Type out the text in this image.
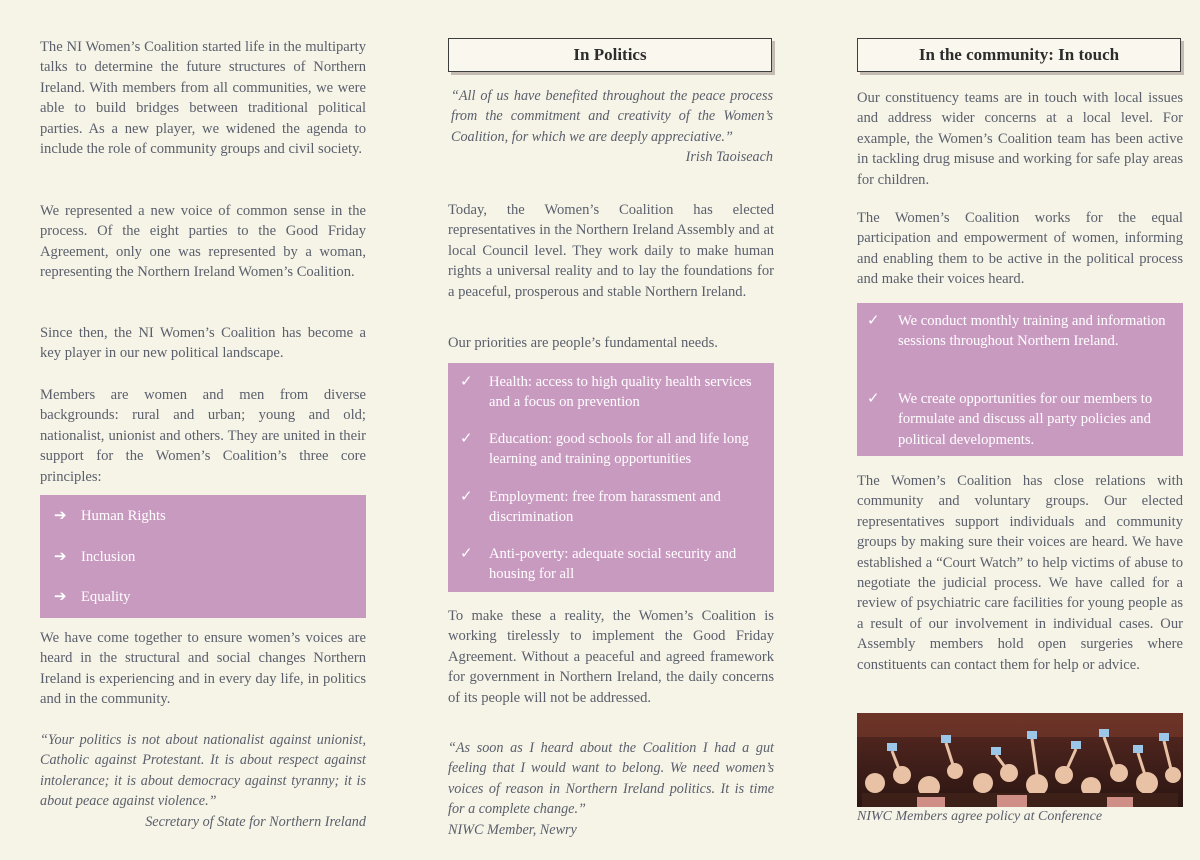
The NI Women’s Coalition started life in the multiparty talks to determine the future structures of Northern Ireland. With members from all communities, we were able to build bridges between traditional political parties. As a new player, we widened the agenda to include the role of community groups and civil society.

We represented a new voice of common sense in the process. Of the eight parties to the Good Friday Agreement, only one was represented by a woman, representing the Northern Ireland Women’s Coalition.

Since then, the NI Women’s Coalition has become a key player in our new political landscape.

Members are women and men from diverse backgrounds: rural and urban; young and old; nationalist, unionist and others. They are united in their support for the Women’s Coalition’s three core principles:

➔ Human Rights
➔ Inclusion
➔ Equality

We have come together to ensure women’s voices are heard in the structural and social changes Northern Ireland is experiencing and in every day life, in politics and in the community.

“Your politics is not about nationalist against unionist, Catholic against Protestant. It is about respect against intolerance; it is about democracy against tyranny; it is about peace against violence.”
Secretary of State for Northern Ireland
In Politics
“All of us have benefited throughout the peace process from the commitment and creativity of the Women’s Coalition, for which we are deeply appreciative.”
Irish Taoiseach

Today, the Women’s Coalition has elected representatives in the Northern Ireland Assembly and at local Council level. They work daily to make human rights a universal reality and to lay the foundations for a peaceful, prosperous and stable Northern Ireland.

Our priorities are people’s fundamental needs.

✓ Health: access to high quality health services and a focus on prevention
✓ Education: good schools for all and life long learning and training opportunities
✓ Employment: free from harassment and discrimination
✓ Anti-poverty: adequate social security and housing for all

To make these a reality, the Women’s Coalition is working tirelessly to implement the Good Friday Agreement. Without a peaceful and agreed framework for government in Northern Ireland, the daily concerns of its people will not be addressed.

“As soon as I heard about the Coalition I had a gut feeling that I would want to belong. We need women’s voices of reason in Northern Ireland politics. It is time for a complete change.”
NIWC Member, Newry
In the community: In touch

Our constituency teams are in touch with local issues and address wider concerns at a local level. For example, the Women’s Coalition team has been active in tackling drug misuse and working for safe play areas for children.

The Women’s Coalition works for the equal participation and empowerment of women, informing and enabling them to be active in the political process and make their voices heard.

✓ We conduct monthly training and information sessions throughout Northern Ireland.
✓ We create opportunities for our members to formulate and discuss all party policies and political developments.

The Women’s Coalition has close relations with community and voluntary groups. Our elected representatives support individuals and community groups by making sure their voices are heard. We have established a “Court Watch” to help victims of abuse to negotiate the judicial process. We have called for a review of psychiatric care facilities for young people as a result of our involvement in individual cases. Our Assembly members hold open surgeries where constituents can contact them for help or advice.

NIWC Members agree policy at Conference
